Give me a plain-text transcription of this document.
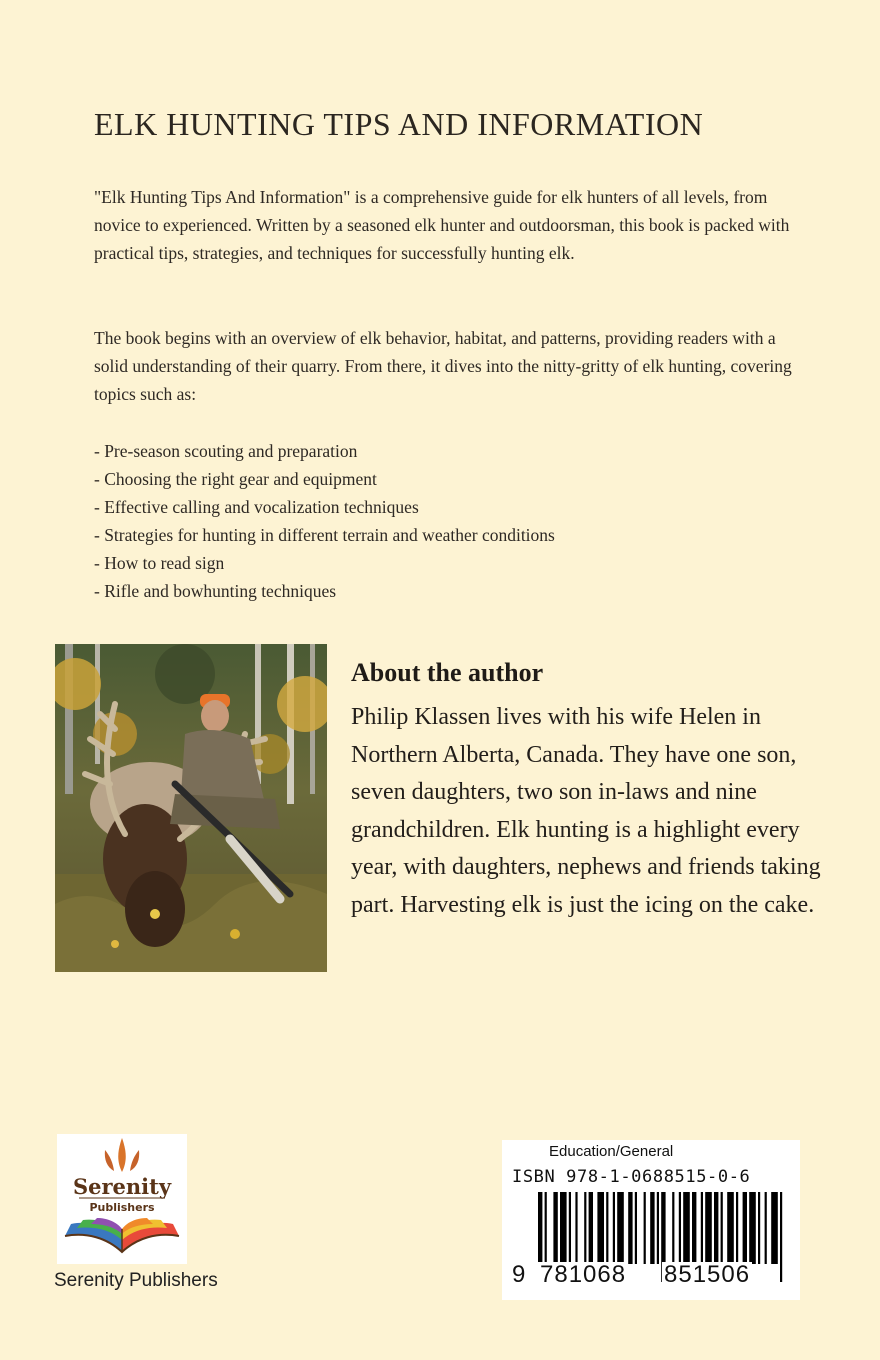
ELK HUNTING TIPS AND INFORMATION
"Elk Hunting Tips And Information" is a comprehensive guide for elk hunters of all levels, from novice to experienced. Written by a seasoned elk hunter and outdoorsman, this book is packed with practical tips, strategies, and techniques for successfully hunting elk.
The book begins with an overview of elk behavior, habitat, and patterns, providing readers with a solid understanding of their quarry. From there, it dives into the nitty-gritty of elk hunting, covering topics such as:
- Pre-season scouting and preparation
- Choosing the right gear and equipment
- Effective calling and vocalization techniques
- Strategies for hunting in different terrain and weather conditions
- How to read sign
- Rifle and bowhunting techniques
About the author
Philip Klassen lives with his wife Helen in Northern Alberta, Canada. They have one son, seven daughters, two son in-laws and nine grandchildren. Elk hunting is a highlight every year, with daughters, nephews and friends taking part. Harvesting elk is just the icing on the cake.
Serenity
Publishers
Serenity Publishers
Education/General
ISBN 978-1-0688515-0-6
9 781068 851506
